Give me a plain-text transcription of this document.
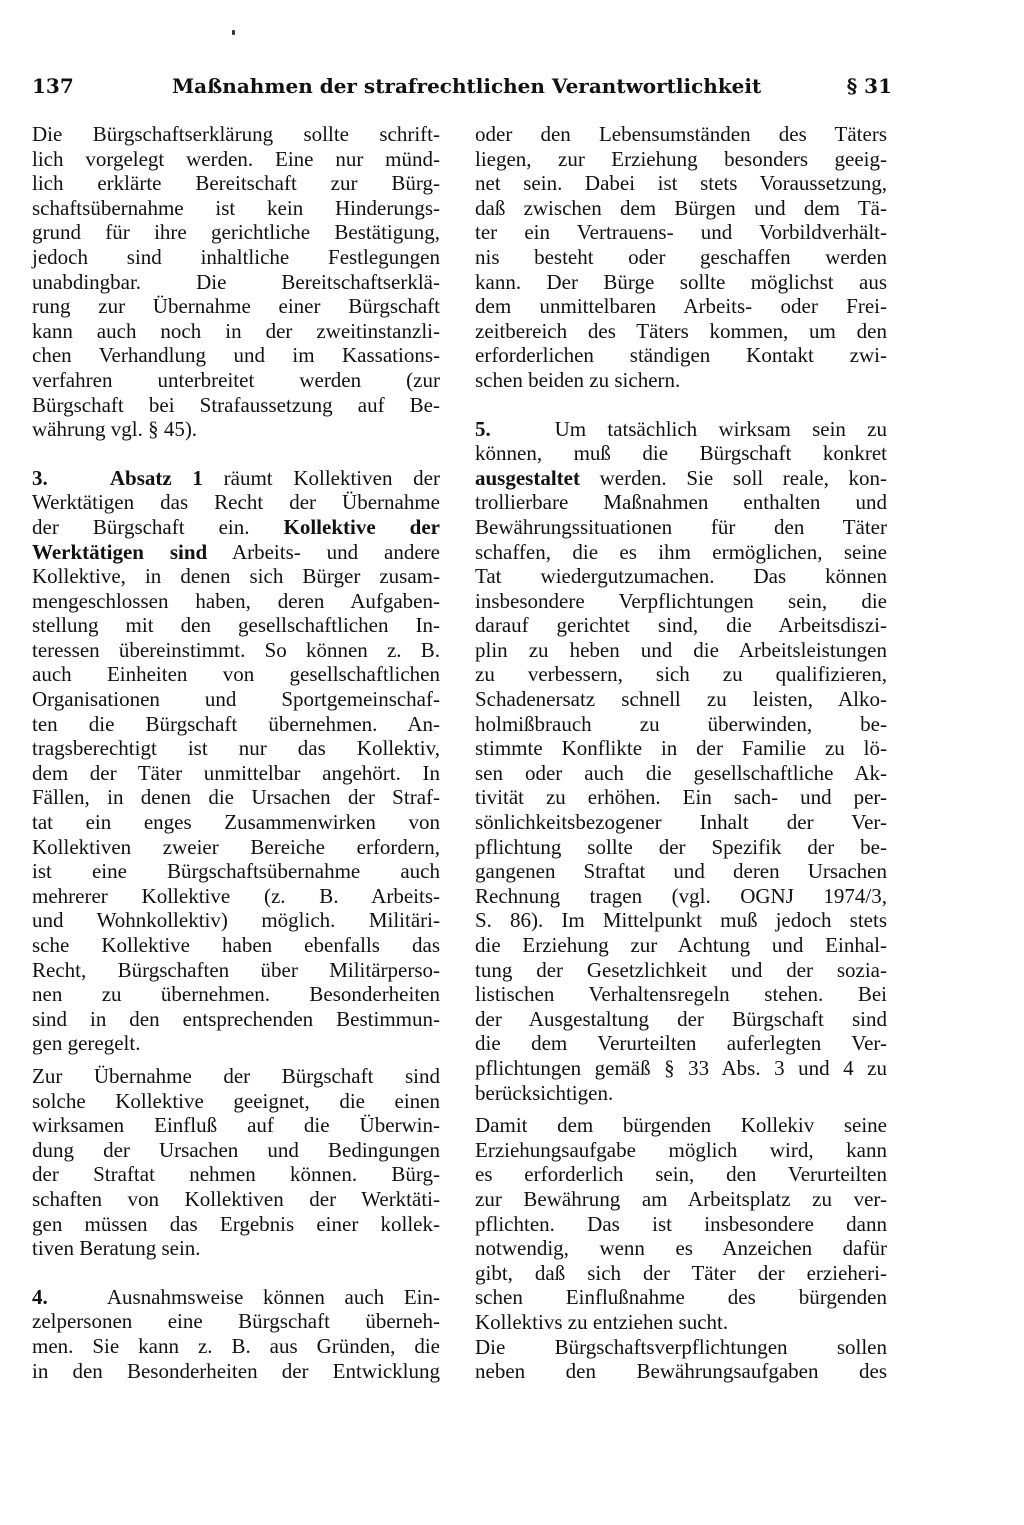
137	Maßnahmen der strafrechtlichen Verantwortlichkeit	§ 31
Die Bürgschaftserklärung sollte schrift-
lich vorgelegt werden. Eine nur münd-
lich erklärte Bereitschaft zur Bürg-
schaftsübernahme ist kein Hinderungs-
grund für ihre gerichtliche Bestätigung,
jedoch sind inhaltliche Festlegungen
unabdingbar. Die Bereitschaftserklä-
rung zur Übernahme einer Bürgschaft
kann auch noch in der zweitinstanzli-
chen Verhandlung und im Kassations-
verfahren unterbreitet werden (zur
Bürgschaft bei Strafaussetzung auf Be-
währung vgl. § 45).
3.	Absatz 1 räumt Kollektiven der
Werktätigen das Recht der Übernahme
der Bürgschaft ein. Kollektive der
Werktätigen sind Arbeits- und andere
Kollektive, in denen sich Bürger zusam-
mengeschlossen haben, deren Aufgaben-
stellung mit den gesellschaftlichen In-
teressen übereinstimmt. So können z. B.
auch Einheiten von gesellschaftlichen
Organisationen und Sportgemeinschaf-
ten die Bürgschaft übernehmen. An-
tragsberechtigt ist nur das Kollektiv,
dem der Täter unmittelbar angehört. In
Fällen, in denen die Ursachen der Straf-
tat ein enges Zusammenwirken von
Kollektiven zweier Bereiche erfordern,
ist eine Bürgschaftsübernahme auch
mehrerer Kollektive (z. B. Arbeits-
und Wohnkollektiv) möglich. Militäri-
sche Kollektive haben ebenfalls das
Recht, Bürgschaften über Militärperso-
nen zu übernehmen. Besonderheiten
sind in den entsprechenden Bestimmun-
gen geregelt.
Zur Übernahme der Bürgschaft sind
solche Kollektive geeignet, die einen
wirksamen Einfluß auf die Überwin-
dung der Ursachen und Bedingungen
der Straftat nehmen können. Bürg-
schaften von Kollektiven der Werktäti-
gen müssen das Ergebnis einer kollek-
tiven Beratung sein.
4.	Ausnahmsweise können auch Ein-
zelpersonen eine Bürgschaft überneh-
men. Sie kann z. B. aus Gründen, die
in den Besonderheiten der Entwicklung
oder den Lebensumständen des Täters
liegen, zur Erziehung besonders geeig-
net sein. Dabei ist stets Voraussetzung,
daß zwischen dem Bürgen und dem Tä-
ter ein Vertrauens- und Vorbildverhält-
nis besteht oder geschaffen werden
kann. Der Bürge sollte möglichst aus
dem unmittelbaren Arbeits- oder Frei-
zeitbereich des Täters kommen, um den
erforderlichen ständigen Kontakt zwi-
schen beiden zu sichern.
5.	Um tatsächlich wirksam sein zu
können, muß die Bürgschaft konkret
ausgestaltet werden. Sie soll reale, kon-
trollierbare Maßnahmen enthalten und
Bewährungssituationen für den Täter
schaffen, die es ihm ermöglichen, seine
Tat wiedergutzumachen. Das können
insbesondere Verpflichtungen sein, die
darauf gerichtet sind, die Arbeitsdiszi-
plin zu heben und die Arbeitsleistungen
zu verbessern, sich zu qualifizieren,
Schadenersatz schnell zu leisten, Alko-
holmißbrauch zu überwinden, be-
stimmte Konflikte in der Familie zu lö-
sen oder auch die gesellschaftliche Ak-
tivität zu erhöhen. Ein sach- und per-
sönlichkeitsbezogener Inhalt der Ver-
pflichtung sollte der Spezifik der be-
gangenen Straftat und deren Ursachen
Rechnung tragen (vgl. OGNJ 1974/3,
S. 86). Im Mittelpunkt muß jedoch stets
die Erziehung zur Achtung und Einhal-
tung der Gesetzlichkeit und der sozia-
listischen Verhaltensregeln stehen. Bei
der Ausgestaltung der Bürgschaft sind
die dem Verurteilten auferlegten Ver-
pflichtungen gemäß § 33 Abs. 3 und 4 zu
berücksichtigen.
Damit dem bürgenden Kollekiv seine
Erziehungsaufgabe möglich wird, kann
es erforderlich sein, den Verurteilten
zur Bewährung am Arbeitsplatz zu ver-
pflichten. Das ist insbesondere dann
notwendig, wenn es Anzeichen dafür
gibt, daß sich der Täter der erzieheri-
schen Einflußnahme des bürgenden
Kollektivs zu entziehen sucht.
Die Bürgschaftsverpflichtungen sollen
neben den Bewährungsaufgaben des
